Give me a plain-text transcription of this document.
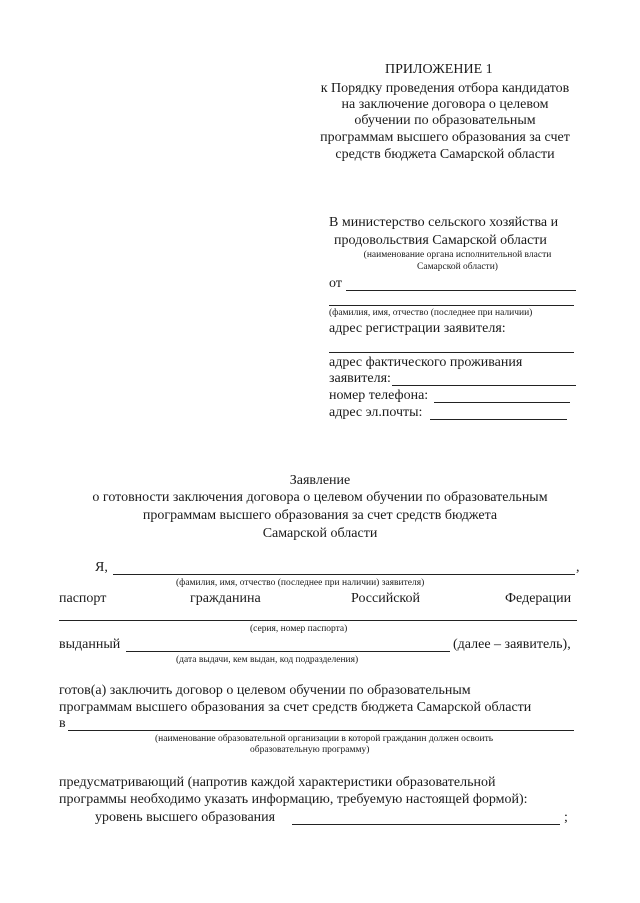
ПРИЛОЖЕНИЕ 1
к Порядку проведения отбора кандидатов
на заключение договора о целевом
обучении по образовательным
программам высшего образования за счет
средств бюджета Самарской области
В министерство сельского хозяйства и
продовольствия Самарской области
(наименование органа исполнительной власти
Самарской области)
от
(фамилия, имя, отчество (последнее при наличии)
адрес регистрации заявителя:
адрес фактического проживания
заявителя:
номер телефона:
адрес эл.почты:
Заявление
о готовности заключения договора о целевом обучении по образовательным
программам высшего образования за счет средств бюджета
Самарской области
Я,	,
(фамилия, имя, отчество (последнее при наличии) заявителя)
паспорт	гражданина	Российской	Федерации
(серия, номер паспорта)
выданный	(далее – заявитель),
(дата выдачи, кем выдан, код подразделения)
готов(а) заключить договор о целевом обучении по образовательным
программам высшего образования за счет средств бюджета Самарской области
в
(наименование образовательной организации в которой гражданин должен освоить
образовательную программу)
предусматривающий (напротив каждой характеристики образовательной
программы необходимо указать информацию, требуемую настоящей формой):
уровень высшего образования	;
